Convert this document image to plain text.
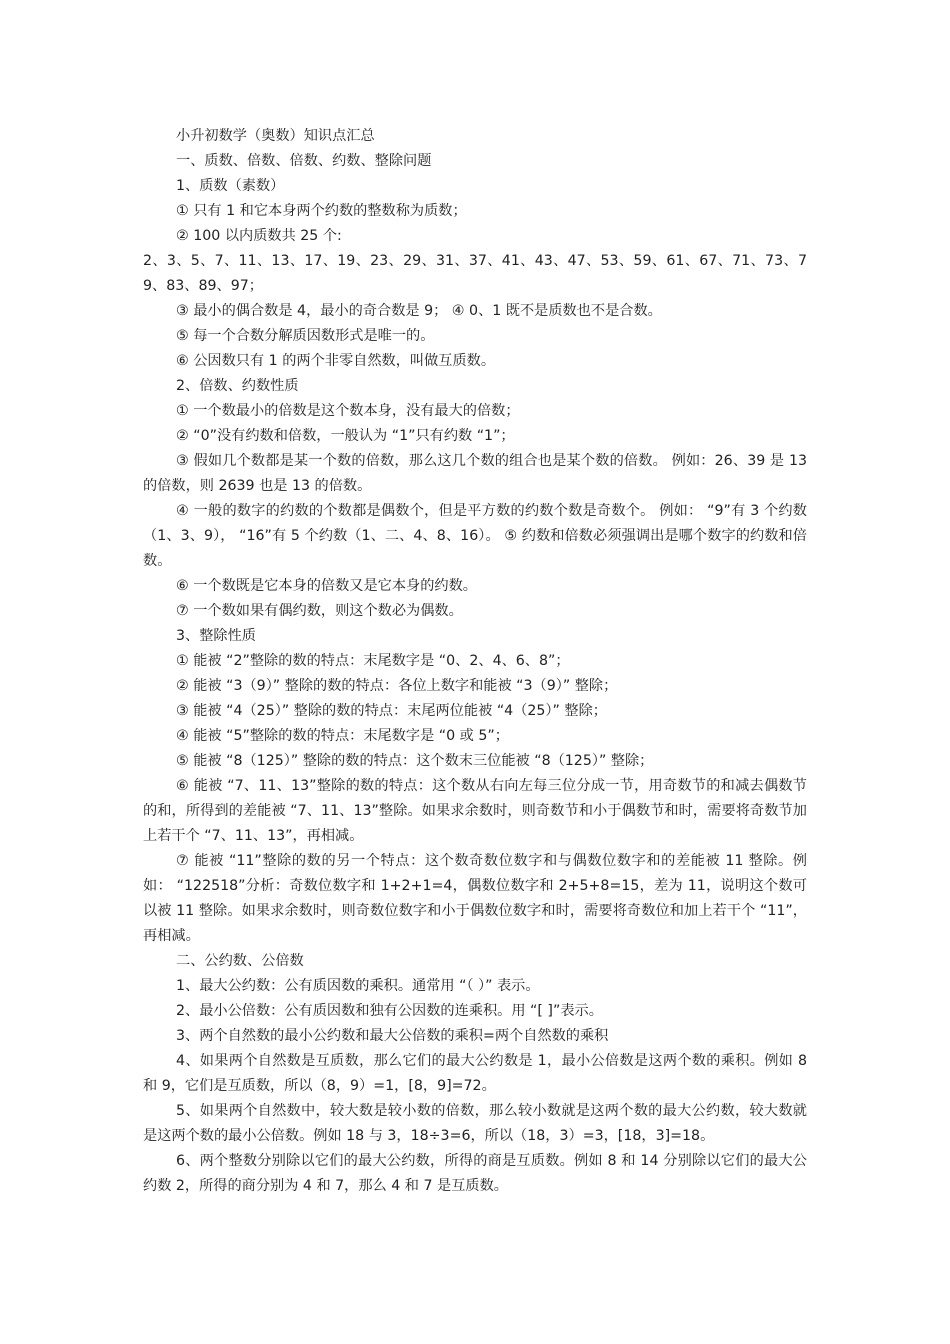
小升初数学（奥数）知识点汇总

一、质数、倍数、倍数、约数、整除问题

1、质数（素数）

① 只有 1 和它本身两个约数的整数称为质数；

② 100 以内质数共 25 个:

2、3、5、7、11、13、17、19、23、29、31、37、41、43、47、53、59、61、67、71、73、79、83、89、97；

③ 最小的偶合数是 4，最小的奇合数是 9； ④ 0、1 既不是质数也不是合数。

⑤ 每一个合数分解质因数形式是唯一的。

⑥ 公因数只有 1 的两个非零自然数，叫做互质数。

2、倍数、约数性质

① 一个数最小的倍数是这个数本身，没有最大的倍数；

② “0”没有约数和倍数，一般认为 “1”只有约数 “1”；

③ 假如几个数都是某一个数的倍数，那么这几个数的组合也是某个数的倍数。 例如：26、39 是 13 的倍数，则 2639 也是 13 的倍数。

④ 一般的数字的约数的个数都是偶数个，但是平方数的约数个数是奇数个。 例如： “9”有 3 个约数（1、3、9）， “16”有 5 个约数（1、二、4、8、16）。 ⑤ 约数和倍数必须强调出是哪个数字的约数和倍数。

⑥ 一个数既是它本身的倍数又是它本身的约数。

⑦ 一个数如果有偶约数，则这个数必为偶数。

3、整除性质

① 能被 “2”整除的数的特点：末尾数字是 “0、2、4、6、8”；

② 能被 “3（9）” 整除的数的特点：各位上数字和能被 “3（9）” 整除；

③ 能被 “4（25）” 整除的数的特点：末尾两位能被 “4（25）” 整除；

④ 能被 “5”整除的数的特点：末尾数字是 “0 或 5”；

⑤ 能被 “8（125）” 整除的数的特点：这个数末三位能被 “8（125）” 整除；

⑥ 能被 “7、11、13”整除的数的特点：这个数从右向左每三位分成一节，用奇数节的和减去偶数节的和，所得到的差能被 “7、11、13”整除。如果求余数时，则奇数节和小于偶数节和时，需要将奇数节加上若干个 “7、11、13”，再相减。

⑦ 能被 “11”整除的数的另一个特点：这个数奇数位数字和与偶数位数字和的差能被 11 整除。例如： “122518”分析：奇数位数字和 1+2+1=4，偶数位数字和 2+5+8=15，差为 11，说明这个数可以被 11 整除。如果求余数时，则奇数位数字和小于偶数位数字和时，需要将奇数位和加上若干个 “11”，再相减。

二、公约数、公倍数

1、最大公约数：公有质因数的乘积。通常用 “（ ）” 表示。

2、最小公倍数：公有质因数和独有公因数的连乘积。用 “[ ]”表示。

3、两个自然数的最小公约数和最大公倍数的乘积=两个自然数的乘积

4、如果两个自然数是互质数，那么它们的最大公约数是 1，最小公倍数是这两个数的乘积。例如 8 和 9，它们是互质数，所以（8，9）=1，[8，9]=72。

5、如果两个自然数中，较大数是较小数的倍数，那么较小数就是这两个数的最大公约数，较大数就是这两个数的最小公倍数。例如 18 与 3，18÷3=6，所以（18，3）=3，[18，3]=18。

6、两个整数分别除以它们的最大公约数，所得的商是互质数。例如 8 和 14 分别除以它们的最大公约数 2，所得的商分别为 4 和 7，那么 4 和 7 是互质数。
